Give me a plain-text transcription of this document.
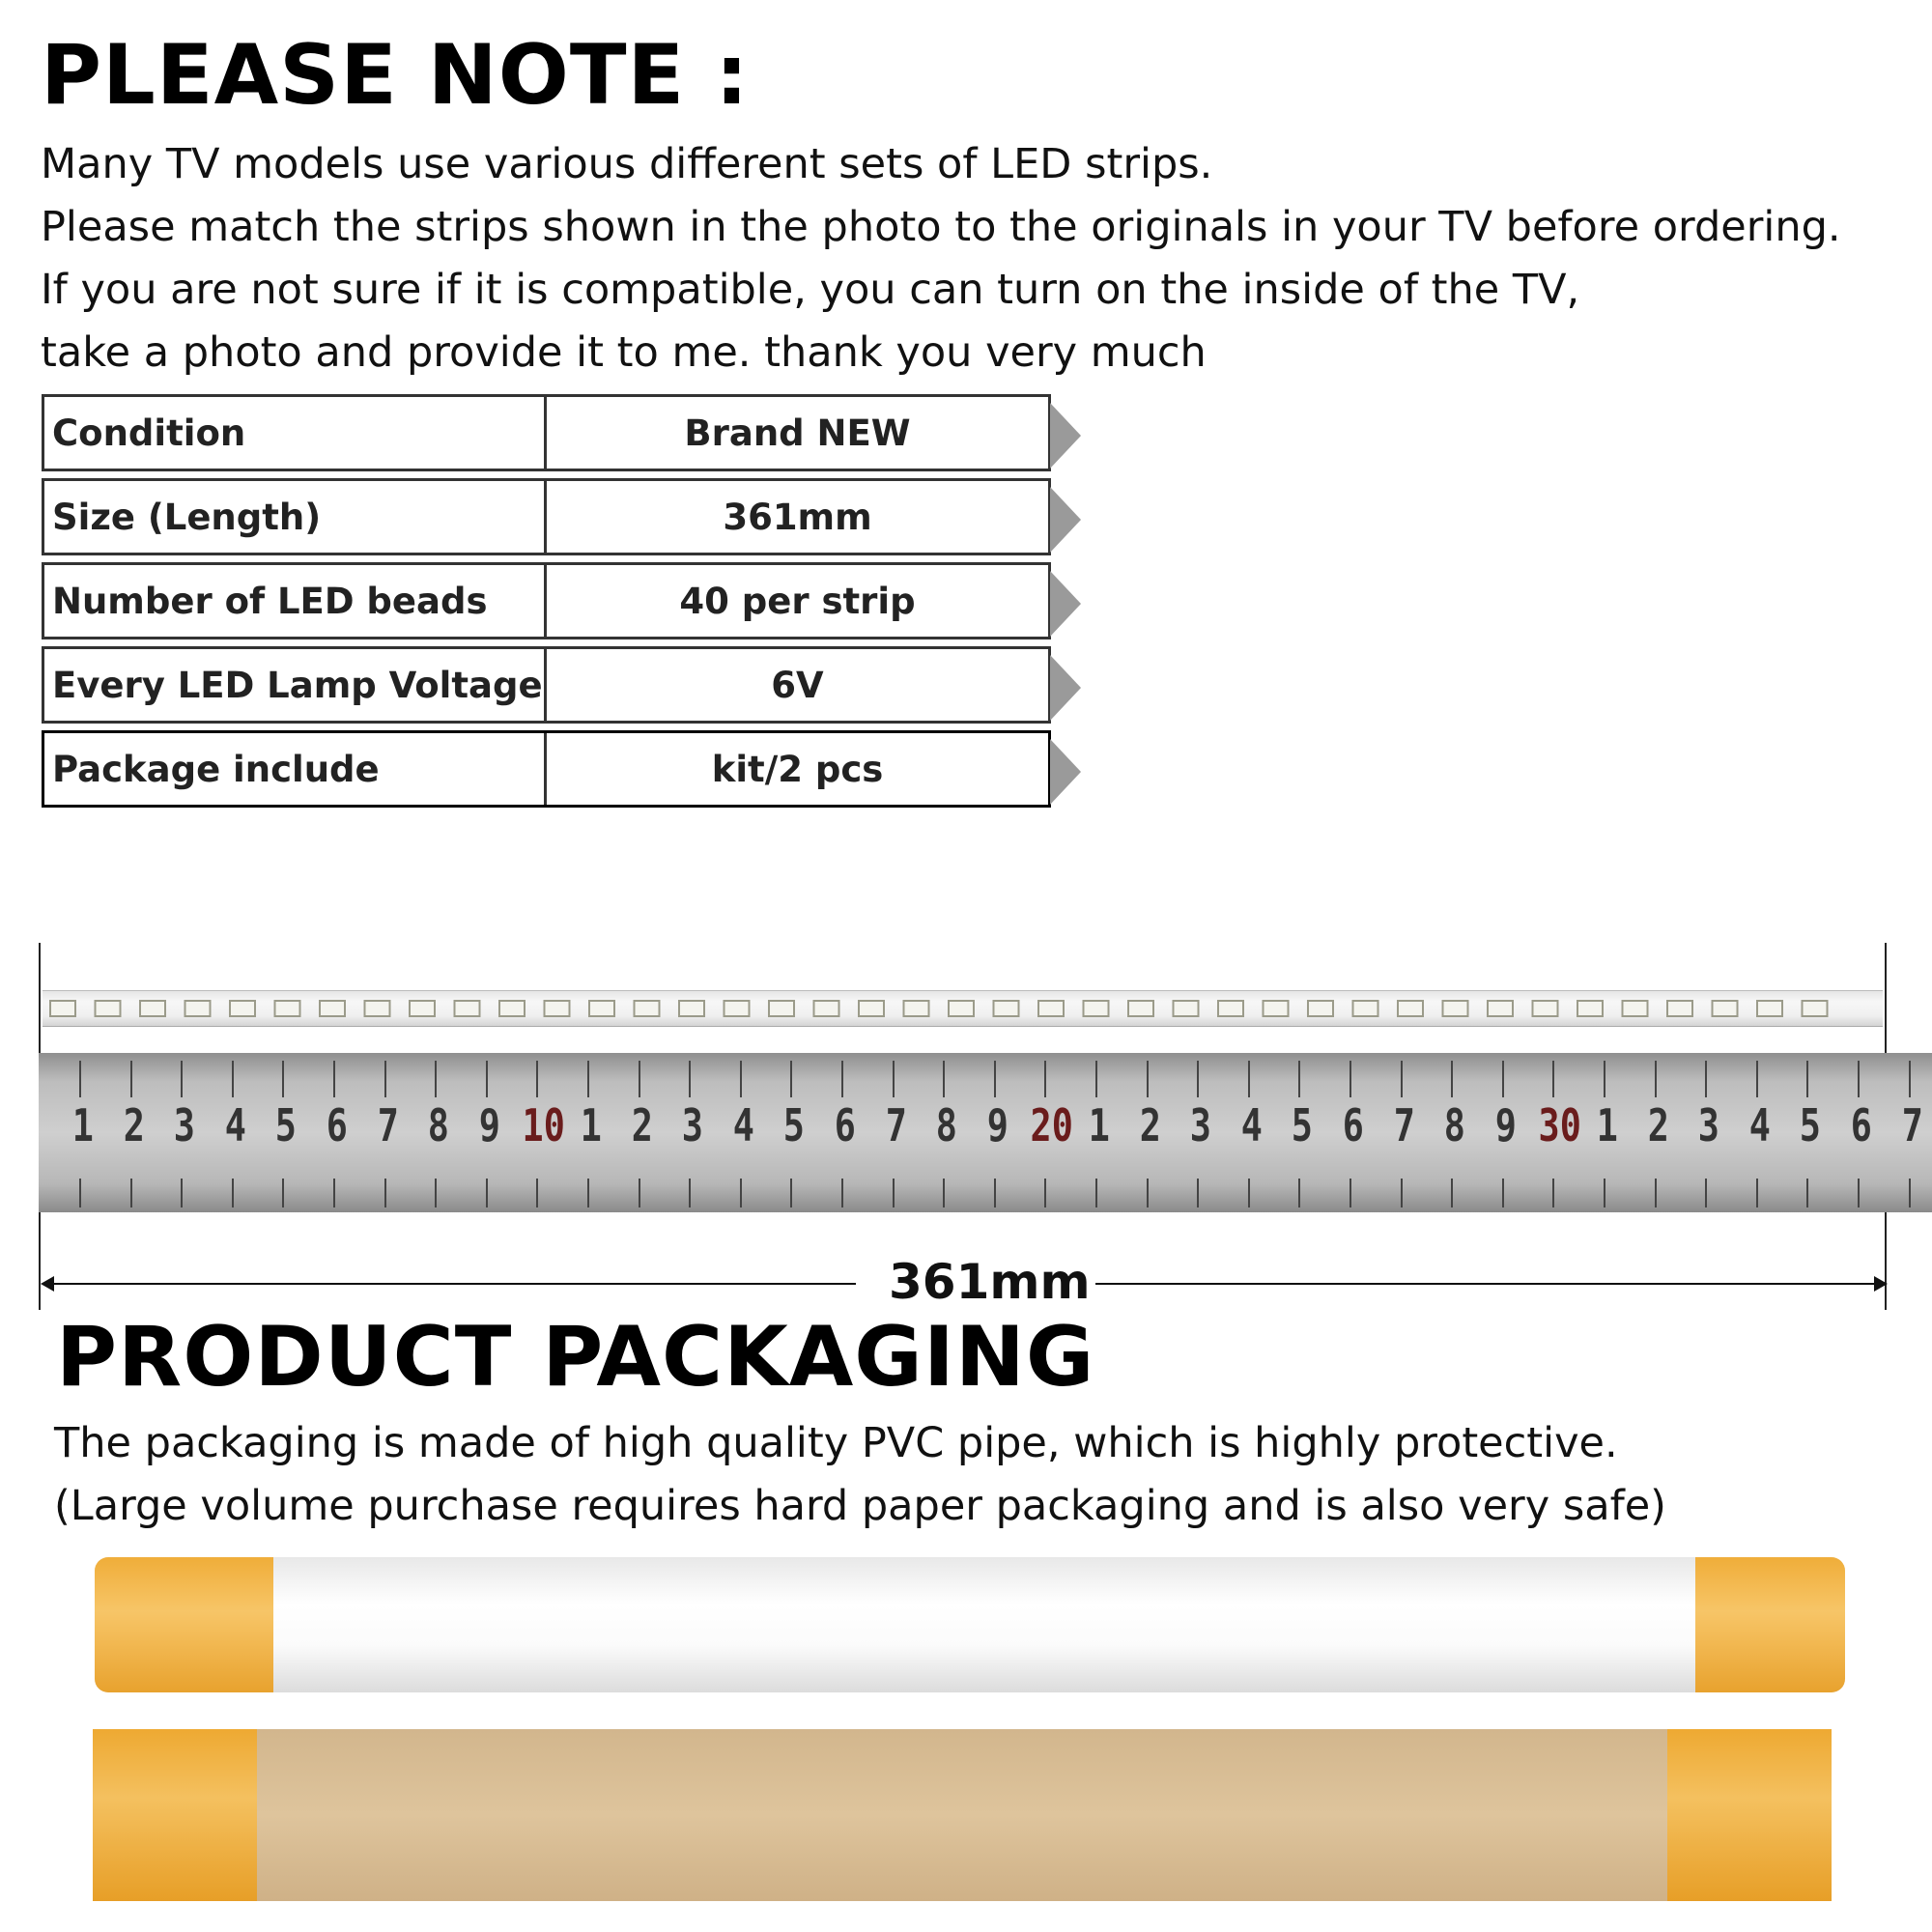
PLEASE NOTE :
Many TV models use various different sets of LED strips.
Please match the strips shown in the photo to the originals in your TV before ordering.
If you are not sure if it is compatible, you can turn on the inside of the TV,
take a photo and provide it to me. thank you very much
Condition	Brand NEW
Size (Length)	361mm
Number of LED beads	40 per strip
Every LED Lamp Voltage	6V
Package include	kit/2 pcs
1 2 3 4 5 6 7 8 9 10 1 2 3 4 5 6 7 8 9 20 1 2 3 4 5 6 7 8 9 30 1 2 3 4 5 6 7
361mm
PRODUCT PACKAGING
The packaging is made of high quality PVC pipe, which is highly protective.
(Large volume purchase requires hard paper packaging and is also very safe)
